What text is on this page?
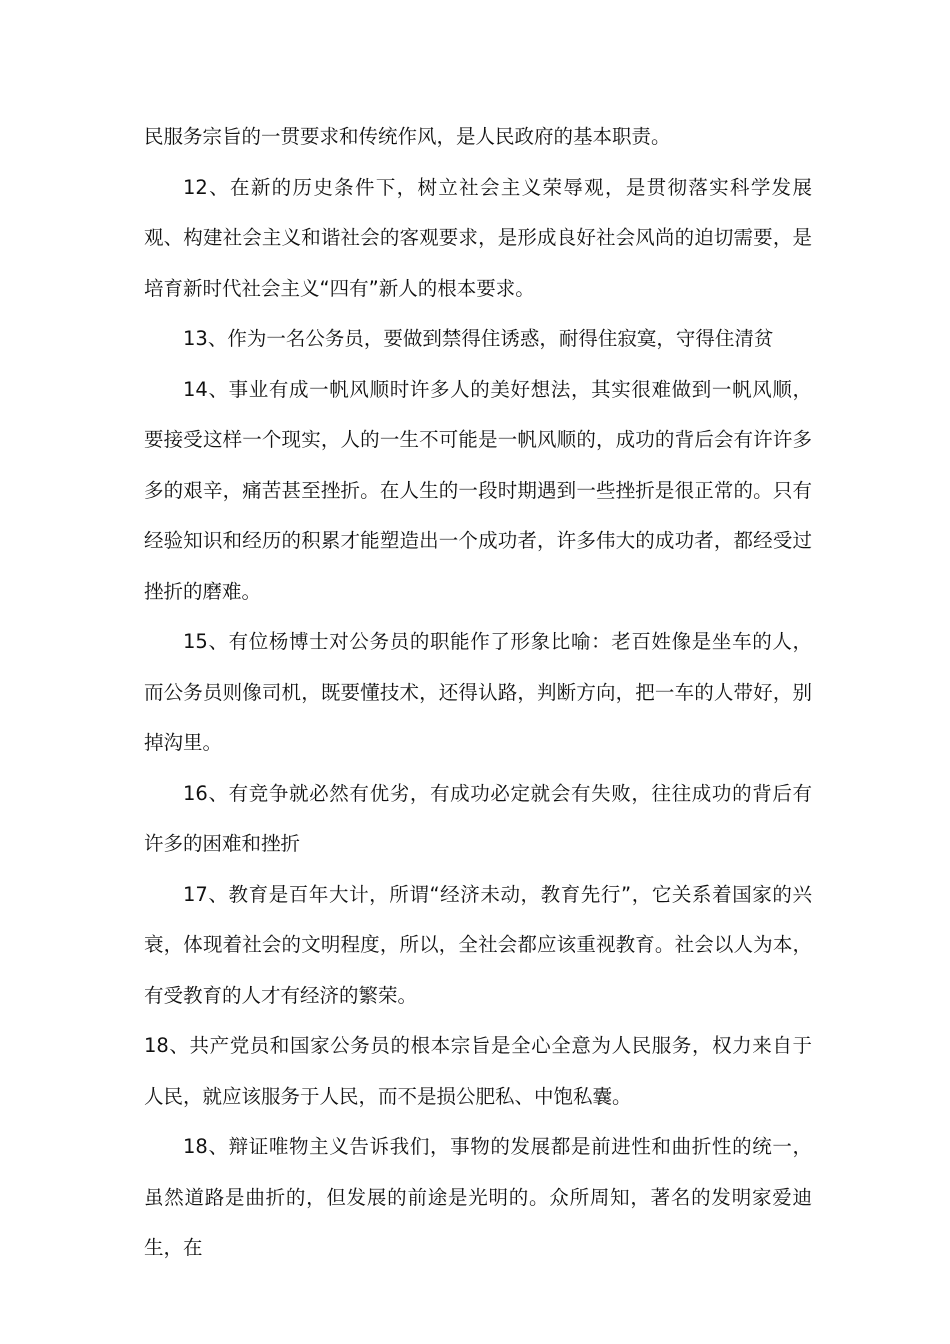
民服务宗旨的一贯要求和传统作风，是人民政府的基本职责。

12、在新的历史条件下，树立社会主义荣辱观，是贯彻落实科学发展观、构建社会主义和谐社会的客观要求，是形成良好社会风尚的迫切需要，是培育新时代社会主义“四有”新人的根本要求。

13、作为一名公务员，要做到禁得住诱惑，耐得住寂寞，守得住清贫

14、事业有成一帆风顺时许多人的美好想法，其实很难做到一帆风顺，要接受这样一个现实，人的一生不可能是一帆风顺的，成功的背后会有许许多多的艰辛，痛苦甚至挫折。在人生的一段时期遇到一些挫折是很正常的。只有经验知识和经历的积累才能塑造出一个成功者，许多伟大的成功者，都经受过挫折的磨难。

15、有位杨博士对公务员的职能作了形象比喻：老百姓像是坐车的人，而公务员则像司机，既要懂技术，还得认路，判断方向，把一车的人带好，别掉沟里。

16、有竞争就必然有优劣，有成功必定就会有失败，往往成功的背后有许多的困难和挫折

17、教育是百年大计，所谓“经济未动，教育先行”，它关系着国家的兴衰，体现着社会的文明程度，所以，全社会都应该重视教育。社会以人为本，有受教育的人才有经济的繁荣。

18、共产党员和国家公务员的根本宗旨是全心全意为人民服务，权力来自于人民，就应该服务于人民，而不是损公肥私、中饱私囊。

18、辩证唯物主义告诉我们，事物的发展都是前进性和曲折性的统一，虽然道路是曲折的，但发展的前途是光明的。众所周知，著名的发明家爱迪生，在
